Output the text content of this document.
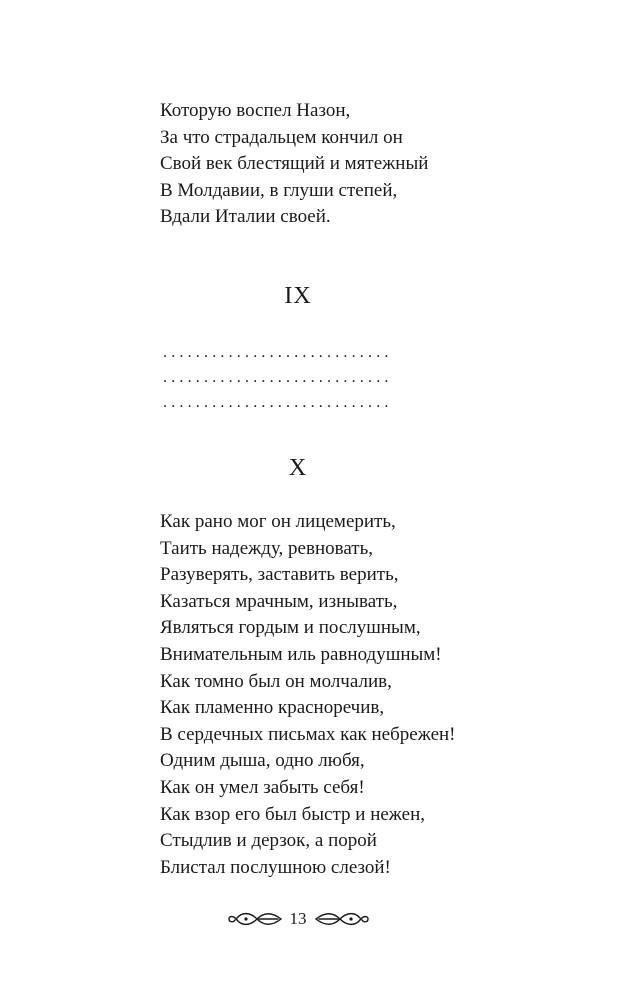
Которую воспел Назон,
За что страдальцем кончил он
Свой век блестящий и мятежный
В Молдавии, в глуши степей,
Вдали Италии своей.
IX
............................
............................
............................
X
Как рано мог он лицемерить,
Таить надежду, ревновать,
Разуверять, заставить верить,
Казаться мрачным, изнывать,
Являться гордым и послушным,
Внимательным иль равнодушным!
Как томно был он молчалив,
Как пламенно красноречив,
В сердечных письмах как небрежен!
Одним дыша, одно любя,
Как он умел забыть себя!
Как взор его был быстр и нежен,
Стыдлив и дерзок, а порой
Блистал послушною слезой!
13
